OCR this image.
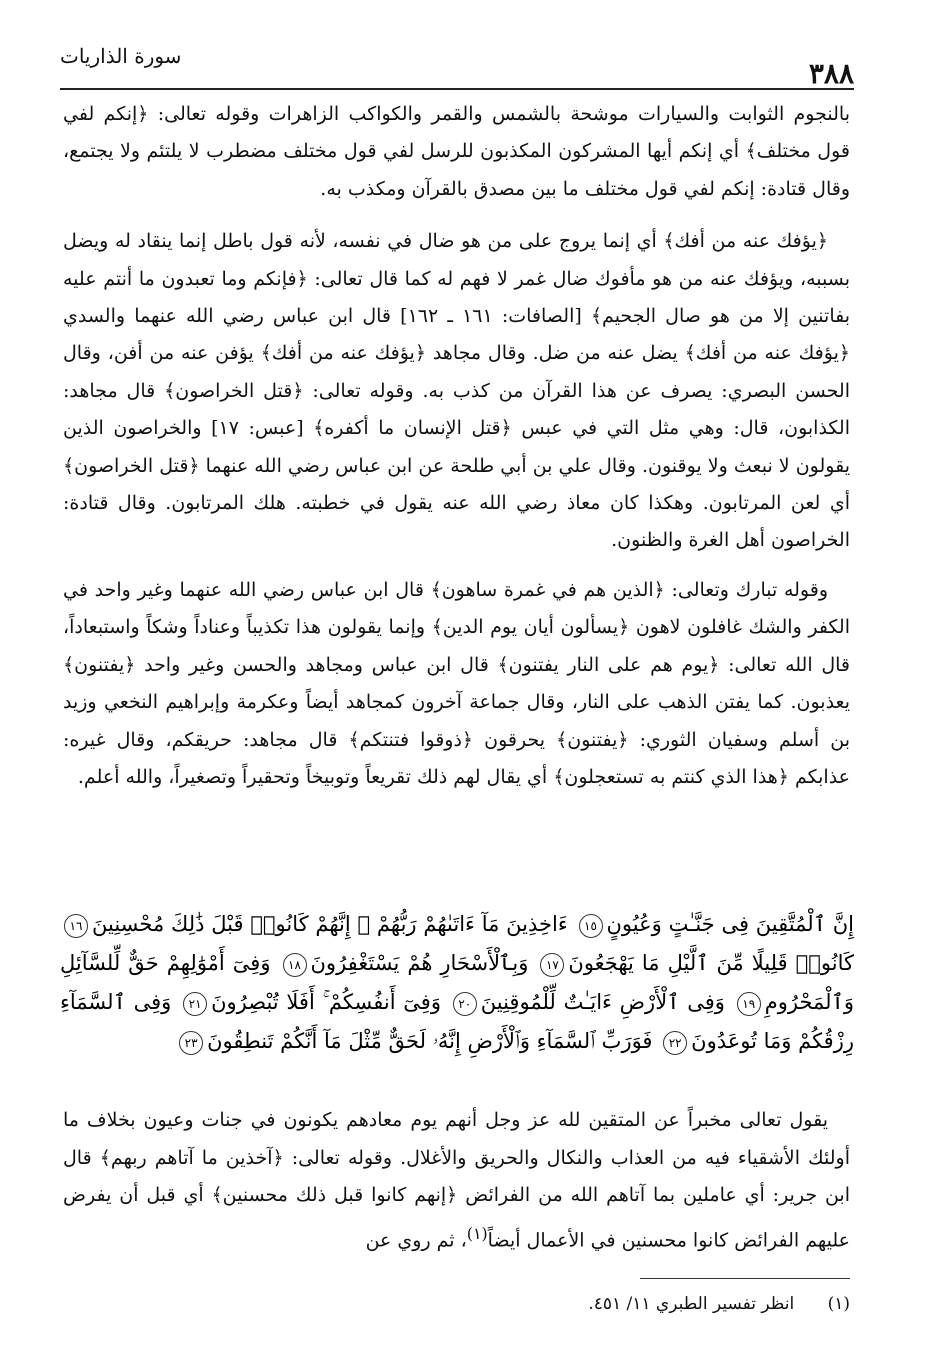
٣٨٨
سورة الذاريات

بالنجوم الثوابت والسيارات موشحة بالشمس والقمر والكواكب الزاهرات وقوله تعالى: ﴿إنكم لفي قول مختلف﴾ أي إنكم أيها المشركون المكذبون للرسل لفي قول مختلف مضطرب لا يلتئم ولا يجتمع، وقال قتادة: إنكم لفي قول مختلف ما بين مصدق بالقرآن ومكذب به.

﴿يؤفك عنه من أفك﴾ أي إنما يروج على من هو ضال في نفسه، لأنه قول باطل إنما ينقاد له ويضل بسببه، ويؤفك عنه من هو مأفوك ضال غمر لا فهم له كما قال تعالى: ﴿فإنكم وما تعبدون ما أنتم عليه بفاتنين إلا من هو صال الجحيم﴾ [الصافات: ١٦١ ـ ١٦٢] قال ابن عباس رضي الله عنهما والسدي ﴿يؤفك عنه من أفك﴾ يضل عنه من ضل. وقال مجاهد ﴿يؤفك عنه من أفك﴾ يؤفن عنه من أفن، وقال الحسن البصري: يصرف عن هذا القرآن من كذب به. وقوله تعالى: ﴿قتل الخراصون﴾ قال مجاهد: الكذابون، قال: وهي مثل التي في عبس ﴿قتل الإنسان ما أكفره﴾ [عبس: ١٧] والخراصون الذين يقولون لا نبعث ولا يوقنون. وقال علي بن أبي طلحة عن ابن عباس رضي الله عنهما ﴿قتل الخراصون﴾ أي لعن المرتابون. وهكذا كان معاذ رضي الله عنه يقول في خطبته. هلك المرتابون. وقال قتادة: الخراصون أهل الغرة والظنون.

وقوله تبارك وتعالى: ﴿الذين هم في غمرة ساهون﴾ قال ابن عباس رضي الله عنهما وغير واحد في الكفر والشك غافلون لاهون ﴿يسألون أيان يوم الدين﴾ وإنما يقولون هذا تكذيباً وعناداً وشكاً واستبعاداً، قال الله تعالى: ﴿يوم هم على النار يفتنون﴾ قال ابن عباس ومجاهد والحسن وغير واحد ﴿يفتنون﴾ يعذبون. كما يفتن الذهب على النار، وقال جماعة آخرون كمجاهد أيضاً وعكرمة وإبراهيم النخعي وزيد بن أسلم وسفيان الثوري: ﴿يفتنون﴾ يحرقون ﴿ذوقوا فتنتكم﴾ قال مجاهد: حريقكم، وقال غيره: عذابكم ﴿هذا الذي كنتم به تستعجلون﴾ أي يقال لهم ذلك تقريعاً وتوبيخاً وتحقيراً وتصغيراً، والله أعلم.

إِنَّ ٱلْمُتَّقِينَ فِى جَنَّـٰتٍ وَعُيُونٍ١٥ ءَاخِذِينَ مَآ ءَاتَىٰهُمْ رَبُّهُمْ ۚ إِنَّهُمْ كَانُوا۟ قَبْلَ ذَٰلِكَ مُحْسِنِينَ١٦ كَانُوا۟ قَلِيلًا مِّنَ ٱلَّيْلِ مَا يَهْجَعُونَ١٧ وَبِٱلْأَسْحَارِ هُمْ يَسْتَغْفِرُونَ١٨ وَفِىٓ أَمْوَٰلِهِمْ حَقٌّ لِّلسَّآئِلِ وَٱلْمَحْرُومِ١٩ وَفِى ٱلْأَرْضِ ءَايَـٰتٌ لِّلْمُوقِنِينَ٢٠ وَفِىٓ أَنفُسِكُمْ ۚ أَفَلَا تُبْصِرُونَ٢١ وَفِى ٱلسَّمَآءِ رِزْقُكُمْ وَمَا تُوعَدُونَ٢٢ فَوَرَبِّ ٱلسَّمَآءِ وَٱلْأَرْضِ إِنَّهُۥ لَحَقٌّ مِّثْلَ مَآ أَنَّكُمْ تَنطِقُونَ٢٣

يقول تعالى مخبراً عن المتقين لله عز وجل أنهم يوم معادهم يكونون في جنات وعيون بخلاف ما أولئك الأشقياء فيه من العذاب والنكال والحريق والأغلال. وقوله تعالى: ﴿آخذين ما آتاهم ربهم﴾ قال ابن جرير: أي عاملين بما آتاهم الله من الفرائض ﴿إنهم كانوا قبل ذلك محسنين﴾ أي قبل أن يفرض عليهم الفرائض كانوا محسنين في الأعمال أيضاً$^{(١)}$، ثم روي عن

(١) انظر تفسير الطبري ١١/ ٤٥١.
